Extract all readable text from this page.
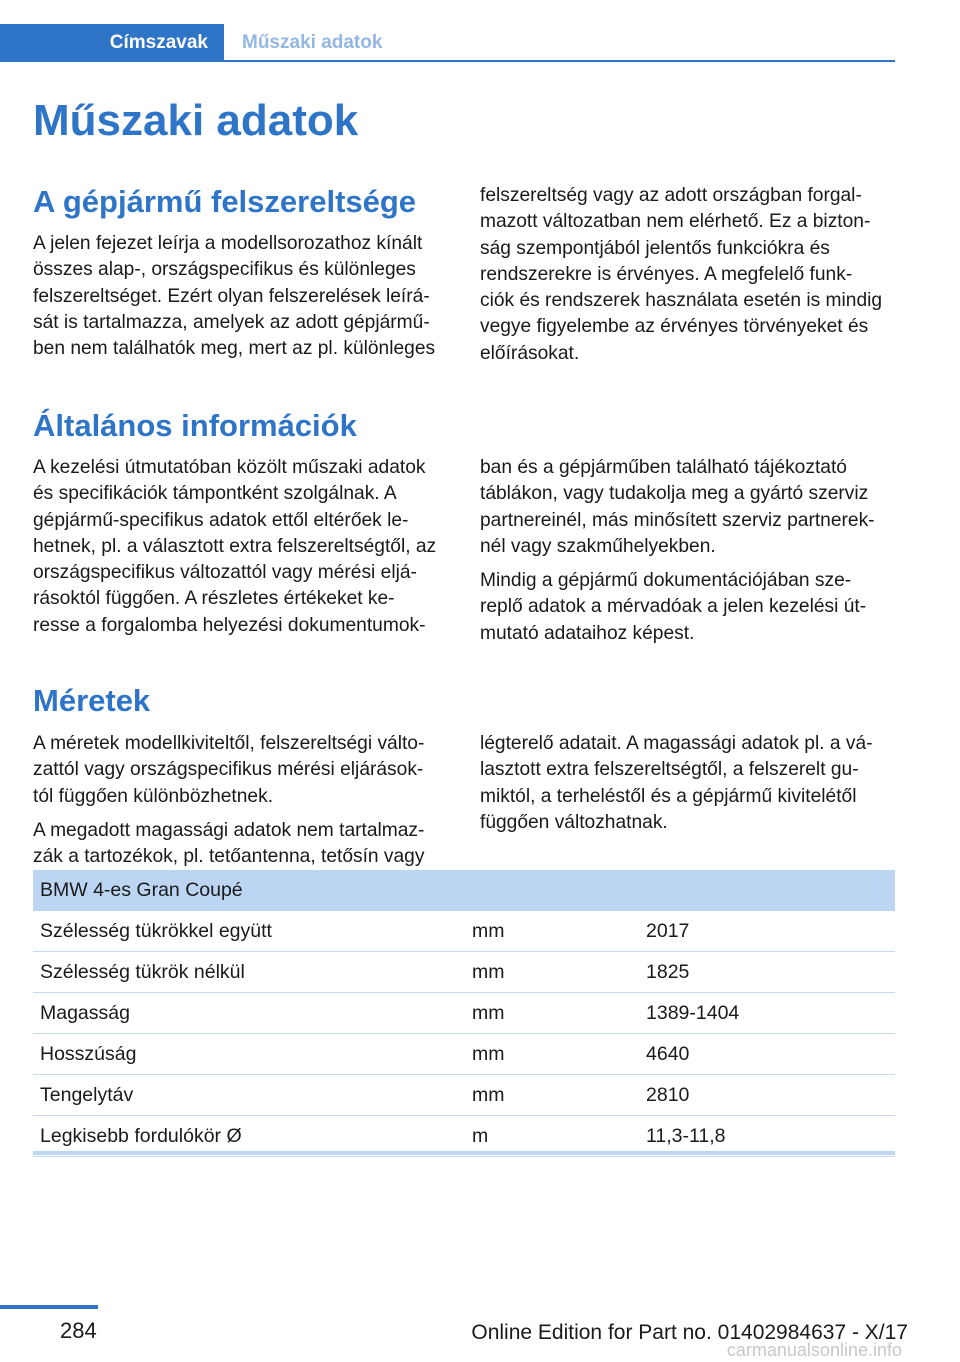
Címszavak	Műszaki adatok
Műszaki adatok
A gépjármű felszereltsége

A jelen fejezet leírja a modellsorozathoz kínált
összes alap-, országspecifikus és különleges
felszereltséget. Ezért olyan felszerelések leírá-
sát is tartalmazza, amelyek az adott gépjármű-
ben nem találhatók meg, mert az pl. különleges

felszereltség vagy az adott országban forgal-
mazott változatban nem elérhető. Ez a bizton-
ság szempontjából jelentős funkciókra és
rendszerekre is érvényes. A megfelelő funk-
ciók és rendszerek használata esetén is mindig
vegye figyelembe az érvényes törvényeket és
előírásokat.

Általános információk

A kezelési útmutatóban közölt műszaki adatok
és specifikációk támpontként szolgálnak. A
gépjármű-specifikus adatok ettől eltérőek le-
hetnek, pl. a választott extra felszereltségtől, az
országspecifikus változattól vagy mérési eljá-
rásoktól függően. A részletes értékeket ke-
resse a forgalomba helyezési dokumentumok-

ban és a gépjárműben található tájékoztató
táblákon, vagy tudakolja meg a gyártó szerviz
partnereinél, más minősített szerviz partnerek-
nél vagy szakműhelyekben.

Mindig a gépjármű dokumentációjában sze-
replő adatok a mérvadóak a jelen kezelési út-
mutató adataihoz képest.

Méretek

A méretek modellkiviteltől, felszereltségi válto-
zattól vagy országspecifikus mérési eljárások-
tól függően különbözhetnek.

A megadott magassági adatok nem tartalmaz-
zák a tartozékok, pl. tetőantenna, tetősín vagy

légterelő adatait. A magassági adatok pl. a vá-
lasztott extra felszereltségtől, a felszerelt gu-
miktól, a terheléstől és a gépjármű kivitelétől
függően változhatnak.

BMW 4-es Gran Coupé		
Szélesség tükrökkel együtt	mm	2017
Szélesség tükrök nélkül	mm	1825
Magasság	mm	1389-1404
Hosszúság	mm	4640
Tengelytáv	mm	2810
Legkisebb fordulókör Ø	m	11,3-11,8
284	Online Edition for Part no. 01402984637 - X/17
carmanualsonline.info
